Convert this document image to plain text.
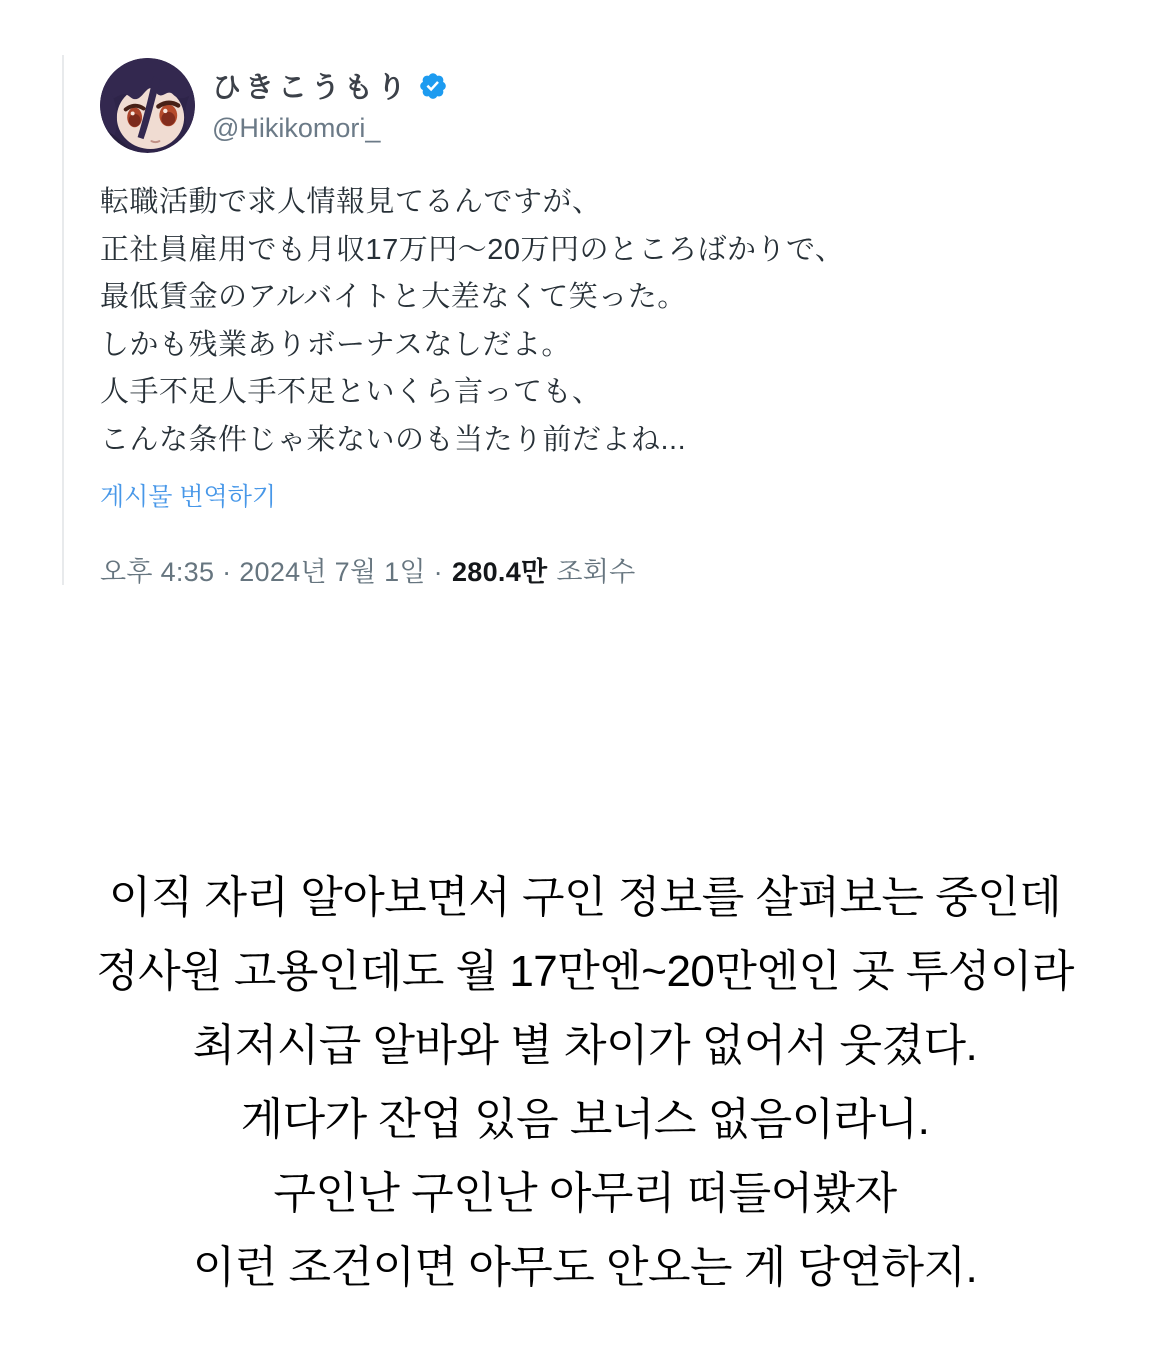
ひきこうもり
@Hikikomori_
転職活動で求人情報見てるんですが、
正社員雇用でも月収17万円～20万円のところばかりで、
最低賃金のアルバイトと大差なくて笑った。
しかも残業ありボーナスなしだよ。
人手不足人手不足といくら言っても、
こんな条件じゃ来ないのも当たり前だよね...
게시물 번역하기
오후 4:35 · 2024년 7월 1일 · 280.4만 조회수
이직 자리 알아보면서 구인 정보를 살펴보는 중인데
정사원 고용인데도 월 17만엔~20만엔인 곳 투성이라
최저시급 알바와 별 차이가 없어서 웃겼다.
게다가 잔업 있음 보너스 없음이라니.
구인난 구인난 아무리 떠들어봤자
이런 조건이면 아무도 안오는 게 당연하지.
